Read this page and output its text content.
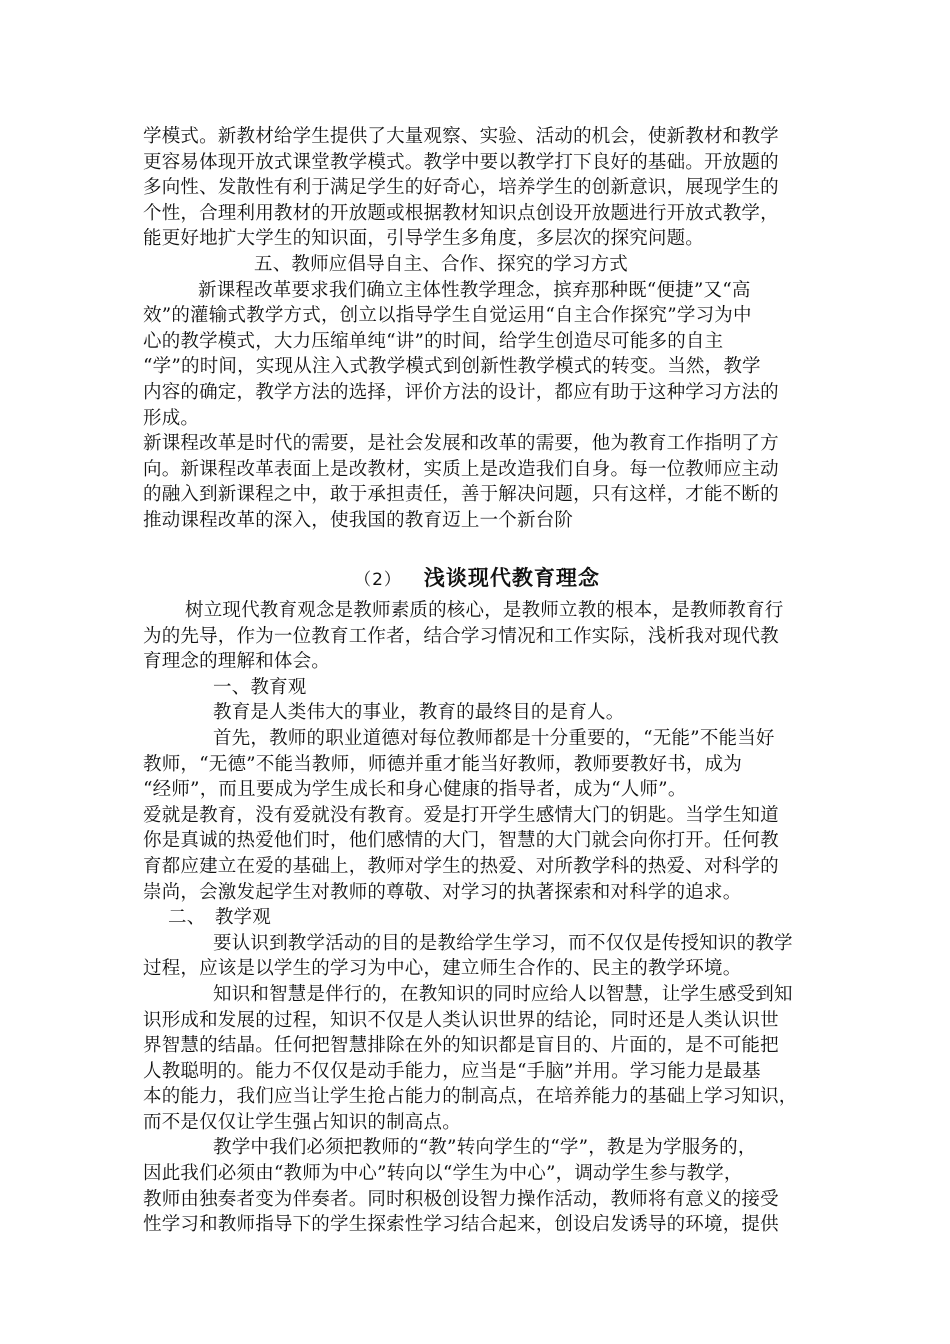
学模式。新教材给学生提供了大量观察、实验、活动的机会，使新教材和教学
更容易体现开放式课堂教学模式。教学中要以教学打下良好的基础。开放题的
多向性、发散性有利于满足学生的好奇心，培养学生的创新意识，展现学生的
个性，合理利用教材的开放题或根据教材知识点创设开放题进行开放式教学，
能更好地扩大学生的知识面，引导学生多角度，多层次的探究问题。
五、教师应倡导自主、合作、探究的学习方式
新课程改革要求我们确立主体性教学理念，摈弃那种既“便捷”又“高
效”的灌输式教学方式，创立以指导学生自觉运用“自主合作探究”学习为中
心的教学模式，大力压缩单纯“讲”的时间，给学生创造尽可能多的自主
“学”的时间，实现从注入式教学模式到创新性教学模式的转变。当然，教学
内容的确定，教学方法的选择，评价方法的设计，都应有助于这种学习方法的
形成。
新课程改革是时代的需要，是社会发展和改革的需要，他为教育工作指明了方
向。新课程改革表面上是改教材，实质上是改造我们自身。每一位教师应主动
的融入到新课程之中，敢于承担责任，善于解决问题，只有这样，才能不断的
推动课程改革的深入，使我国的教育迈上一个新台阶
（2） 浅谈现代教育理念
树立现代教育观念是教师素质的核心，是教师立教的根本，是教师教育行
为的先导，作为一位教育工作者，结合学习情况和工作实际，浅析我对现代教
育理念的理解和体会。
一、教育观
教育是人类伟大的事业，教育的最终目的是育人。
首先，教师的职业道德对每位教师都是十分重要的，“无能”不能当好
教师，“无德”不能当教师，师德并重才能当好教师，教师要教好书，成为
“经师”，而且要成为学生成长和身心健康的指导者，成为“人师”。
爱就是教育，没有爱就没有教育。爱是打开学生感情大门的钥匙。当学生知道
你是真诚的热爱他们时，他们感情的大门，智慧的大门就会向你打开。任何教
育都应建立在爱的基础上，教师对学生的热爱、对所教学科的热爱、对科学的
崇尚，会激发起学生对教师的尊敬、对学习的执著探索和对科学的追求。
二、　教学观
要认识到教学活动的目的是教给学生学习，而不仅仅是传授知识的教学
过程，应该是以学生的学习为中心，建立师生合作的、民主的教学环境。
知识和智慧是伴行的，在教知识的同时应给人以智慧，让学生感受到知
识形成和发展的过程，知识不仅是人类认识世界的结论，同时还是人类认识世
界智慧的结晶。任何把智慧排除在外的知识都是盲目的、片面的，是不可能把
人教聪明的。能力不仅仅是动手能力，应当是“手脑”并用。学习能力是最基
本的能力，我们应当让学生抢占能力的制高点，在培养能力的基础上学习知识，
而不是仅仅让学生强占知识的制高点。
教学中我们必须把教师的“教”转向学生的“学”，教是为学服务的，
因此我们必须由“教师为中心”转向以“学生为中心”，调动学生参与教学，
教师由独奏者变为伴奏者。同时积极创设智力操作活动，教师将有意义的接受
性学习和教师指导下的学生探索性学习结合起来，创设启发诱导的环境，提供
